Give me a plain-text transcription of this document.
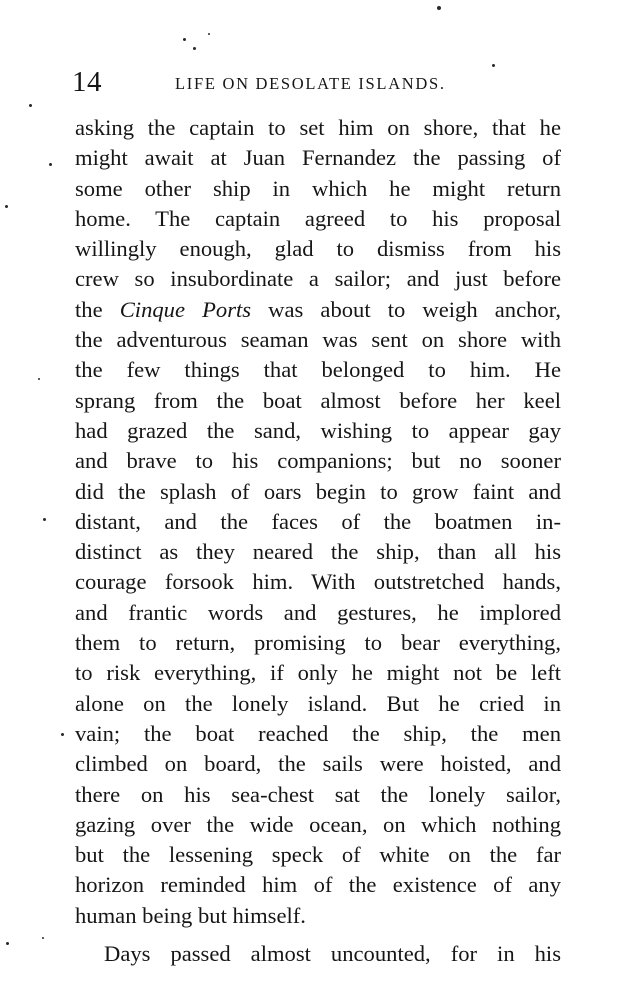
14	LIFE ON DESOLATE ISLANDS.
asking the captain to set him on shore, that he
might await at Juan Fernandez the passing of
some other ship in which he might return
home. The captain agreed to his proposal
willingly enough, glad to dismiss from his
crew so insubordinate a sailor; and just before
the Cinque Ports was about to weigh anchor,
the adventurous seaman was sent on shore with
the few things that belonged to him. He
sprang from the boat almost before her keel
had grazed the sand, wishing to appear gay
and brave to his companions; but no sooner
did the splash of oars begin to grow faint and
distant, and the faces of the boatmen in-
distinct as they neared the ship, than all his
courage forsook him. With outstretched hands,
and frantic words and gestures, he implored
them to return, promising to bear everything,
to risk everything, if only he might not be left
alone on the lonely island. But he cried in
vain; the boat reached the ship, the men
climbed on board, the sails were hoisted, and
there on his sea-chest sat the lonely sailor,
gazing over the wide ocean, on which nothing
but the lessening speck of white on the far
horizon reminded him of the existence of any
human being but himself.
Days passed almost uncounted, for in his
